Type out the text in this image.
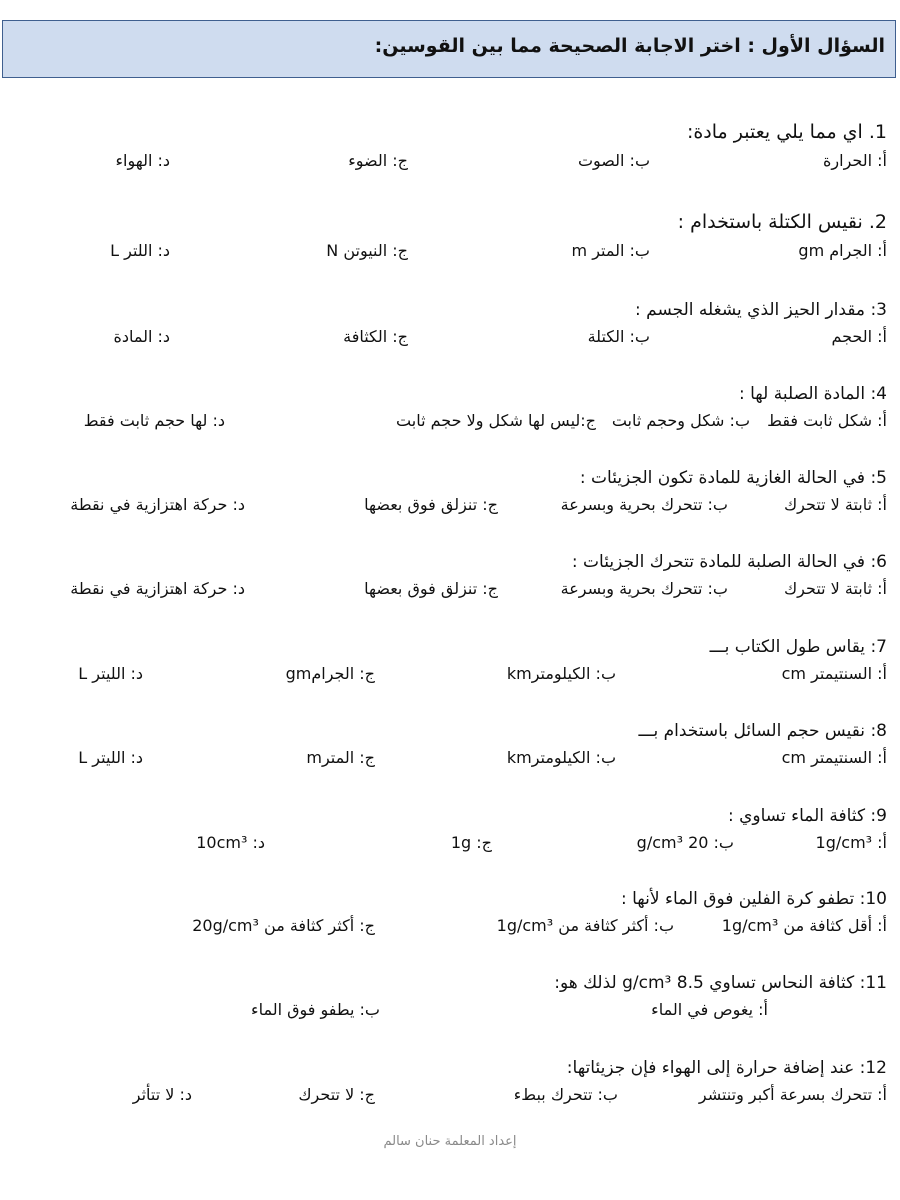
السؤال الأول : اختر الاجابة الصحيحة مما بين القوسين:
1. اي مما يلي يعتبر مادة:
أ: الحرارة
ب: الصوت
ج: الضوء
د: الهواء
2. نقيس الكتلة باستخدام :
أ: الجرام gm
ب: المتر m
ج: النيوتن N
د: اللتر L
3: مقدار الحيز الذي يشغله الجسم :
أ: الحجم
ب: الكتلة
ج: الكثافة
د: المادة
4: المادة الصلبة لها :
أ: شكل ثابت فقط
ب: شكل وحجم ثابت
ج:ليس لها شكل ولا حجم ثابت
د: لها حجم ثابت فقط
5: في الحالة الغازية للمادة تكون الجزيئات :
أ: ثابتة لا تتحرك
ب: تتحرك بحرية وبسرعة
ج: تنزلق فوق بعضها
د: حركة اهتزازية في نقطة
6: في الحالة الصلبة للمادة تتحرك الجزيئات :
أ: ثابتة لا تتحرك
ب: تتحرك بحرية وبسرعة
ج: تنزلق فوق بعضها
د: حركة اهتزازية في نقطة
7: يقاس طول الكتاب بـــ
أ: السنتيمتر cm
ب: الكيلومترkm
ج: الجرامgm
د: الليتر L
8: نقيس حجم السائل باستخدام بـــ
أ: السنتيمتر cm
ب: الكيلومترkm
ج: المترm
د: الليتر L
9: كثافة الماء تساوي :
أ: 1g/cm³
ب: 20 g/cm³
ج: 1g
د: 10cm³
10: تطفو كرة الفلين فوق الماء لأنها :
أ: أقل كثافة من 1g/cm³
ب: أكثر كثافة من 1g/cm³
ج: أكثر كثافة من 20g/cm³
11: كثافة النحاس تساوي 8.5 g/cm³ لذلك هو:
أ: يغوص في الماء
ب: يطفو فوق الماء
12: عند إضافة حرارة إلى الهواء فإن جزيئاتها:
أ: تتحرك بسرعة أكبر وتنتشر
ب: تتحرك ببطء
ج: لا تتحرك
د: لا تتأثر
إعداد المعلمة حنان سالم
